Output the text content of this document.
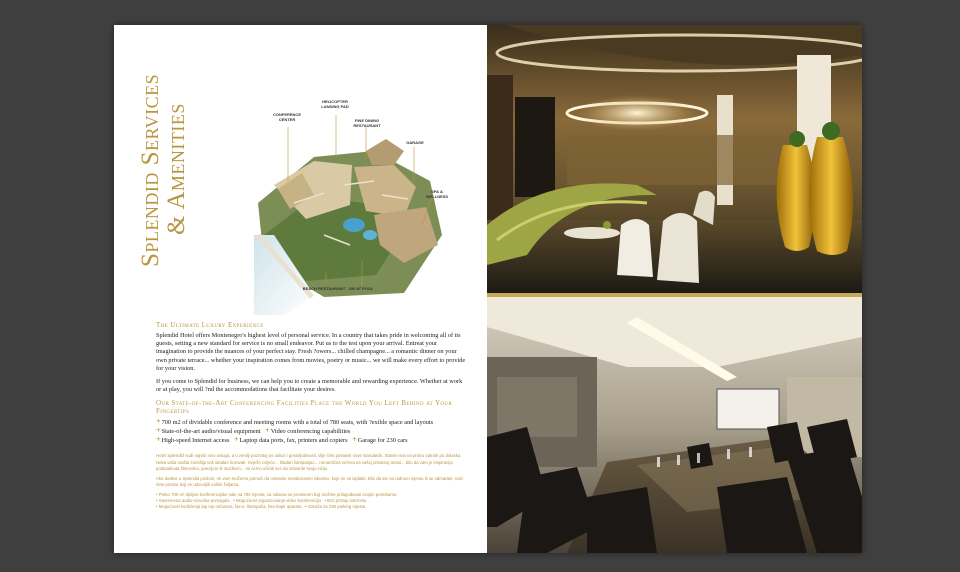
Splendid Services & Amenities	CONFERENCE CENTER
HELICOPTER LANDING PAD
FINE DINING RESTAURANT
GARAGE
SPA & WELLNESS
BEACH RESTAURANT 250 M² POOL
The Ultimate Luxury Experience

Splendid Hotel offers Montenegro's highest level of personal service. In a country that takes pride in welcoming all of its guests, setting a new standard for service is no small endeavor. Put us to the test upon your arrival. Entreat your imagination to provide the nuances of your perfect stay. Fresh ?owers... chilled champagne... a romantic dinner on your own private terrace... whether your inspiration comes from movies, poetry or music... we will make every effort to provide for your vision.

If you come to Splendid for business, we can help you to create a memorable and rewarding experience. Whether at work or at play, you will ?nd the accommodations that facilitate your desires.

Our State-of-the-Art Conferencing Facilities Place the World You Left Behind at Your Fingertips
+700 m2 of dividable conference and meeting rooms with a total of 780 seats, with ?exible space and layouts
+State-of-the-art audio/visual equipment +Video conferencing capabilities
+High-speed Internet access +Laptop data ports, fax, printers and copiers +Garage for 230 cars

Hotel Splendid nudi najviši nivo usluga, a u zemlji poznatoj po usluzi i gostoljubivosti, vlije ćeki postaviti nove standarde. Stavite nas na probu odmah po dolasku. Neka vaša mašta zamišlja vaš idealan boravak. Svježe cvijeće... hladan šampanjac... romantična večera na vašoj privatnoj terasi... bilo da vam je inspiracija podstaknuta filmovima, poezijom ili muzikom... mi ćemo učiniti sve da ostvarite svoju viziju.

Ako dođete u Splendid poslom, mi vam možemo pomoći da ostvarite nezaboravno iskustvo, koje će se isplatiti. Bilo da ste na radnom mjestu ili se odmarate, naći ćete prostor koji će udovoljiti vašim željama.

• Preko 700 m² djeljive konferencijske sale sa 780 mjesta, sa salama se prostorom koji možete prilagođavati svojim potrebama
• Savremena audio-vizuelna pomagala • Mogućnost organizovanja video konferencija • Brzi pristup internetu
• Mogućnost korišćenja lap top računara, fax-a, štampača, foto-kopir aparata • Garaža za 230 parking mjesta
